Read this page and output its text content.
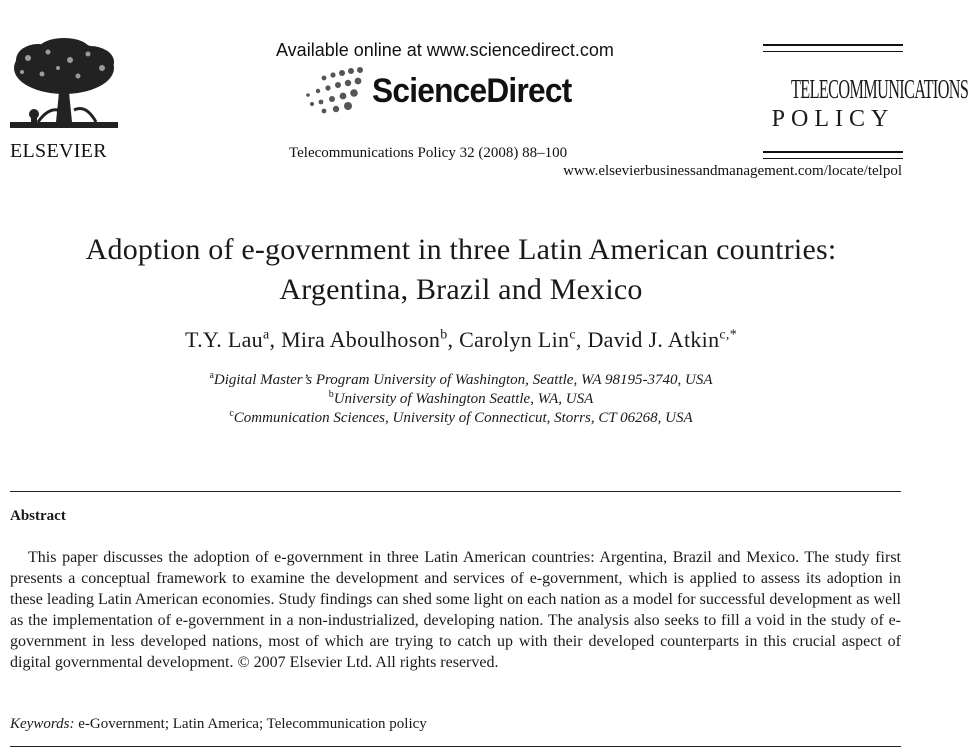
ELSEVIER
Available online at www.sciencedirect.com
ScienceDirect
Telecommunications Policy 32 (2008) 88–100
www.elsevierbusinessandmanagement.com/locate/telpol
TELECOMMUNICATIONS
POLICY
Adoption of e-government in three Latin American countries:
Argentina, Brazil and Mexico
T.Y. Lau$^a$, Mira Aboulhoson$^b$, Carolyn Lin$^c$, David J. Atkin$^{c,*}$
$^a$Digital Master’s Program University of Washington, Seattle, WA 98195-3740, USA
$^b$University of Washington Seattle, WA, USA
$^c$Communication Sciences, University of Connecticut, Storrs, CT 06268, USA
Abstract
This paper discusses the adoption of e-government in three Latin American countries: Argentina, Brazil and Mexico. The study first presents a conceptual framework to examine the development and services of e-government, which is applied to assess its adoption in these leading Latin American economies. Study findings can shed some light on each nation as a model for successful development as well as the implementation of e-government in a non-industrialized, developing nation. The analysis also seeks to fill a void in the study of e-government in less developed nations, most of which are trying to catch up with their developed counterparts in this crucial aspect of digital governmental development. © 2007 Elsevier Ltd. All rights reserved.
Keywords: e-Government; Latin America; Telecommunication policy
